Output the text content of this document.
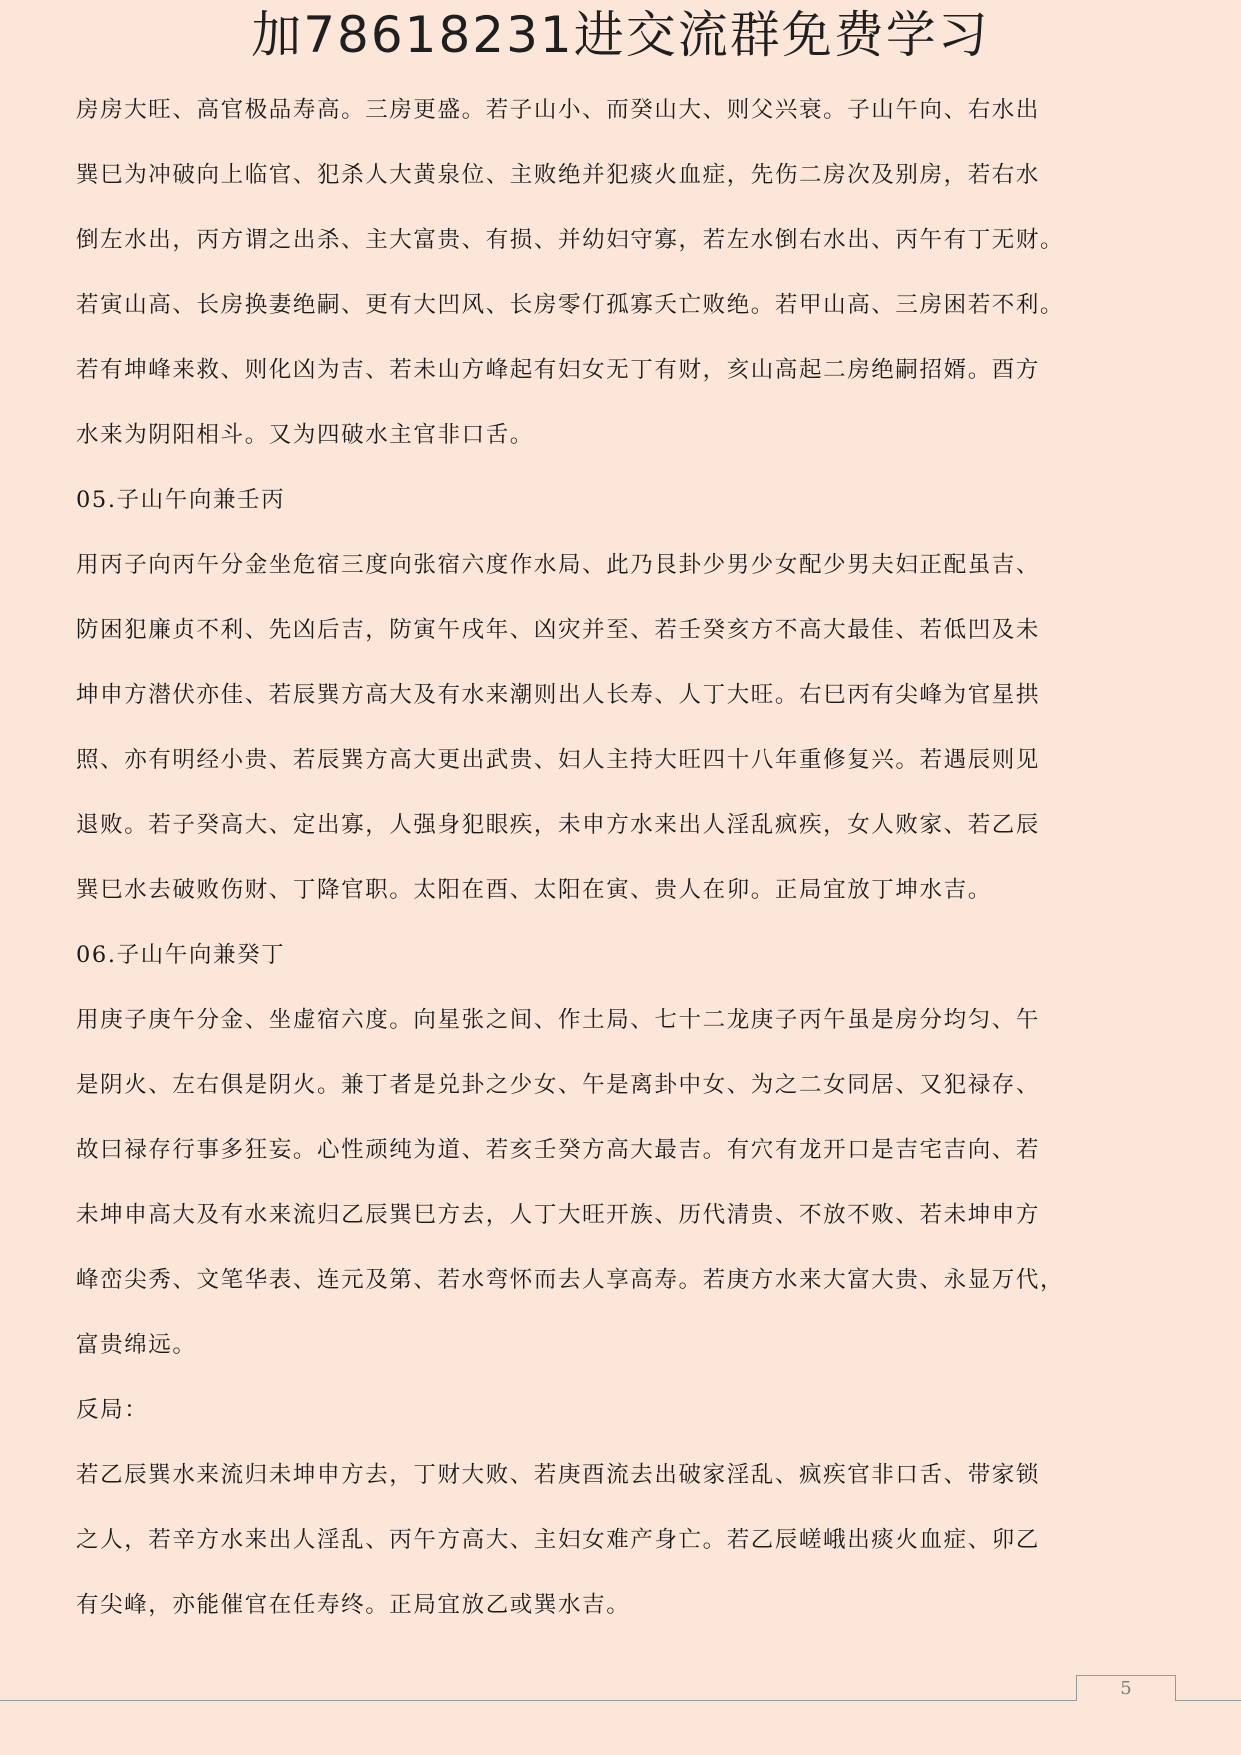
加78618231进交流群免费学习
房房大旺、高官极品寿高。三房更盛。若子山小、而癸山大、则父兴衰。子山午向、右水出
巽巳为冲破向上临官、犯杀人大黄泉位、主败绝并犯痰火血症，先伤二房次及别房，若右水
倒左水出，丙方谓之出杀、主大富贵、有损、并幼妇守寡，若左水倒右水出、丙午有丁无财。
若寅山高、长房换妻绝嗣、更有大凹风、长房零仃孤寡夭亡败绝。若甲山高、三房困若不利。
若有坤峰来救、则化凶为吉、若未山方峰起有妇女无丁有财，亥山高起二房绝嗣招婿。酉方
水来为阴阳相斗。又为四破水主官非口舌。
05.子山午向兼壬丙
用丙子向丙午分金坐危宿三度向张宿六度作水局、此乃艮卦少男少女配少男夫妇正配虽吉、
防困犯廉贞不利、先凶后吉，防寅午戌年、凶灾并至、若壬癸亥方不高大最佳、若低凹及未
坤申方潜伏亦佳、若辰巽方高大及有水来潮则出人长寿、人丁大旺。右巳丙有尖峰为官星拱
照、亦有明经小贵、若辰巽方高大更出武贵、妇人主持大旺四十八年重修复兴。若遇辰则见
退败。若子癸高大、定出寡，人强身犯眼疾，未申方水来出人淫乱疯疾，女人败家、若乙辰
巽巳水去破败伤财、丁降官职。太阳在酉、太阳在寅、贵人在卯。正局宜放丁坤水吉。
06.子山午向兼癸丁
用庚子庚午分金、坐虚宿六度。向星张之间、作土局、七十二龙庚子丙午虽是房分均匀、午
是阴火、左右俱是阴火。兼丁者是兑卦之少女、午是离卦中女、为之二女同居、又犯禄存、
故曰禄存行事多狂妄。心性顽纯为道、若亥壬癸方高大最吉。有穴有龙开口是吉宅吉向、若
未坤申高大及有水来流归乙辰巽巳方去，人丁大旺开族、历代清贵、不放不败、若未坤申方
峰峦尖秀、文笔华表、连元及第、若水弯怀而去人享高寿。若庚方水来大富大贵、永显万代，
富贵绵远。
反局：
若乙辰巽水来流归未坤申方去，丁财大败、若庚酉流去出破家淫乱、疯疾官非口舌、带家锁
之人，若辛方水来出人淫乱、丙午方高大、主妇女难产身亡。若乙辰嵯峨出痰火血症、卯乙
有尖峰，亦能催官在任寿终。正局宜放乙或巽水吉。
5
